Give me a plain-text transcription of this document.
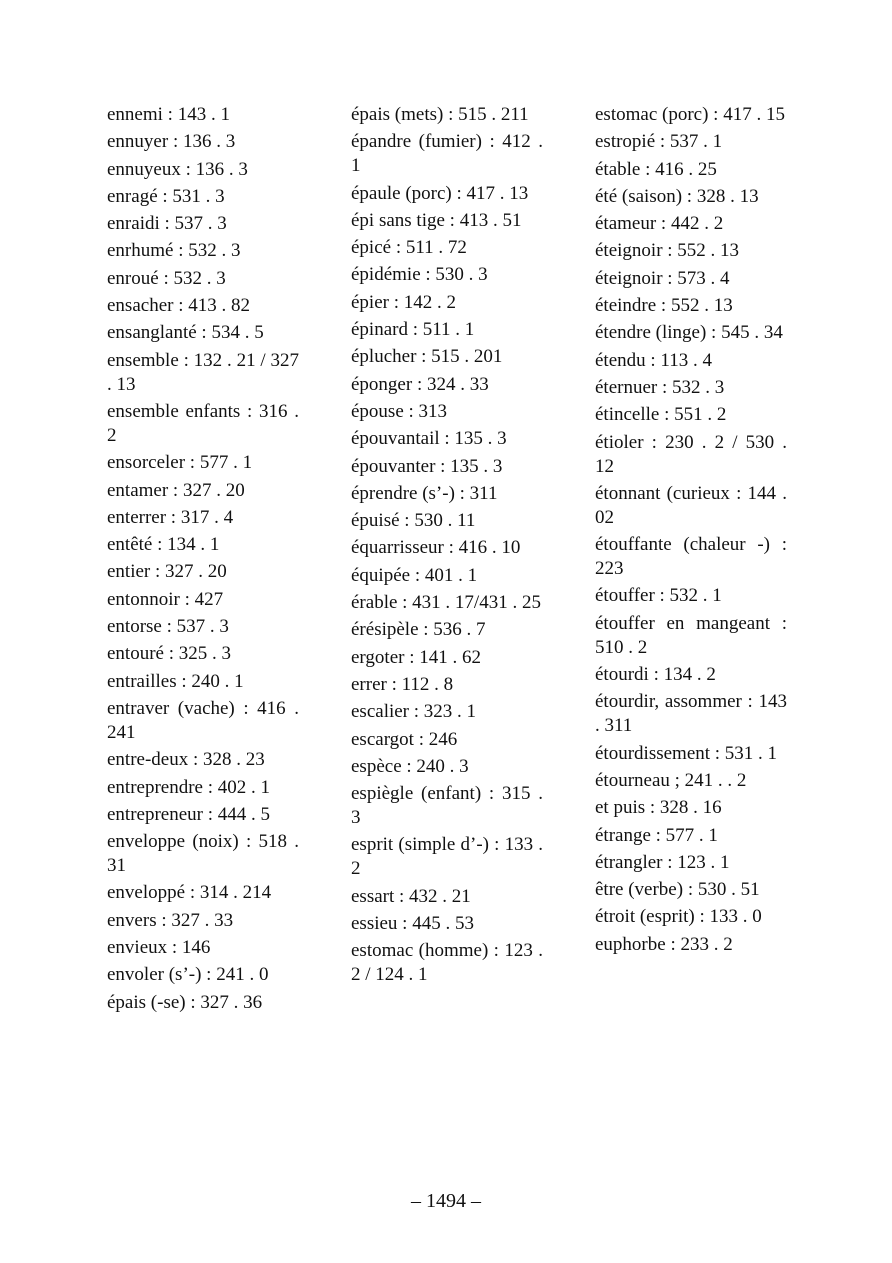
ennemi : 143 . 1
ennuyer : 136 . 3
ennuyeux : 136 . 3
enragé : 531 . 3
enraidi : 537 . 3
enrhumé : 532 . 3
enroué : 532 . 3
ensacher : 413 . 82
ensanglanté : 534 . 5
ensemble : 132 . 21 / 327 . 13
ensemble enfants : 316 . 2
ensorceler : 577 . 1
entamer : 327 . 20
enterrer : 317 . 4
entêté : 134 . 1
entier : 327 . 20
entonnoir : 427
entorse : 537 . 3
entouré : 325 . 3
entrailles : 240 . 1
entraver (vache) : 416 . 241
entre-deux : 328 . 23
entreprendre : 402 . 1
entrepreneur : 444 . 5
enveloppe (noix) : 518 . 31
enveloppé : 314 . 214
envers : 327 . 33
envieux : 146
envoler (s’-) : 241 . 0
épais (-se) : 327 . 36
épais (mets) : 515 . 211
épandre (fumier) : 412 . 1
épaule (porc) : 417 . 13
épi sans tige : 413 . 51
épicé : 511 . 72
épidémie : 530 . 3
épier : 142 . 2
épinard : 511 . 1
éplucher : 515 . 201
éponger : 324 . 33
épouse : 313
épouvantail : 135 . 3
épouvanter : 135 . 3
éprendre (s’-) : 311
épuisé : 530 . 11
équarrisseur : 416 . 10
équipée : 401 . 1
érable : 431 . 17/431 . 25
érésipèle : 536 . 7
ergoter : 141 . 62
errer : 112 . 8
escalier : 323 . 1
escargot : 246
espèce : 240 . 3
espiègle (enfant) : 315 . 3
esprit (simple d’-) : 133 . 2
essart : 432 . 21
essieu : 445 . 53
estomac (homme) : 123 . 2 / 124 . 1
estomac (porc) : 417 . 15
estropié : 537 . 1
étable : 416 . 25
été (saison) : 328 . 13
étameur : 442 . 2
éteignoir : 552 . 13
éteignoir : 573 . 4
éteindre : 552 . 13
étendre (linge) : 545 . 34
étendu : 113 . 4
éternuer : 532 . 3
étincelle : 551 . 2
étioler : 230 . 2 / 530 . 12
étonnant (curieux : 144 . 02
étouffante (chaleur -) : 223
étouffer : 532 . 1
étouffer en mangeant : 510 . 2
étourdi : 134 . 2
étourdir, assommer : 143 . 311
étourdissement : 531 . 1
étourneau ; 241 . . 2
et puis : 328 . 16
étrange : 577 . 1
étrangler : 123 . 1
être (verbe) : 530 . 51
étroit (esprit) : 133 . 0
euphorbe : 233 . 2
– 1494 –
